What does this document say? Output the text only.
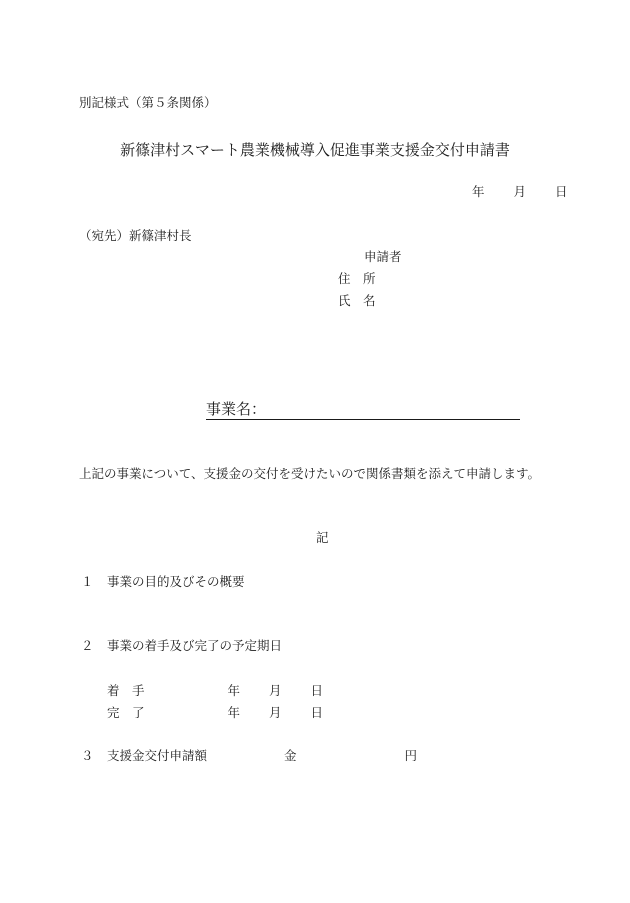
別記様式（第５条関係）
新篠津村スマート農業機械導入促進事業支援金交付申請書
年 月 日
（宛先）新篠津村長
申請者
住　所
氏　名
事業名：
上記の事業について、支援金の交付を受けたいので関係書類を添えて申請します。
記
１ 事業の目的及びその概要
２ 事業の着手及び完了の予定期日
着　手	年 月 日
完　了	年 月 日
３ 支援金交付申請額	金	円
